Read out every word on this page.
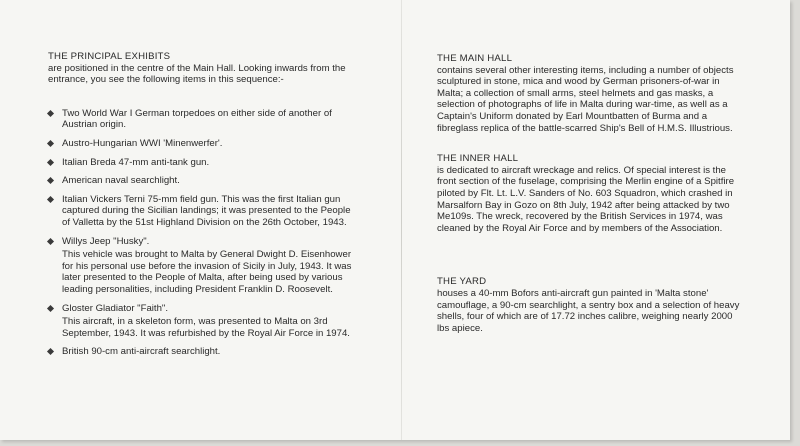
THE PRINCIPAL EXHIBITS

are positioned in the centre of the Main Hall. Looking inwards from the entrance, you see the following items in this sequence:-

Two World War I German torpedoes on either side of another of Austrian origin.
Austro-Hungarian WWI 'Minenwerfer'.
Italian Breda 47-mm anti-tank gun.
American naval searchlight.
Italian Vickers Terni 75-mm field gun. This was the first Italian gun captured during the Sicilian landings; it was presented to the People of Valletta by the 51st Highland Division on the 26th October, 1943.
Willys Jeep "Husky".
This vehicle was brought to Malta by General Dwight D. Eisenhower for his personal use before the invasion of Sicily in July, 1943. It was later presented to the People of Malta, after being used by various leading personalities, including President Franklin D. Roosevelt.
Gloster Gladiator "Faith".
This aircraft, in a skeleton form, was presented to Malta on 3rd September, 1943. It was refurbished by the Royal Air Force in 1974.
British 90-cm anti-aircraft searchlight.
THE MAIN HALL

contains several other interesting items, including a number of objects sculptured in stone, mica and wood by German prisoners-of-war in Malta; a collection of small arms, steel helmets and gas masks, a selection of photographs of life in Malta during war-time, as well as a Captain's Uniform donated by Earl Mountbatten of Burma and a fibreglass replica of the battle-scarred Ship's Bell of H.M.S. Illustrious.

THE INNER HALL

is dedicated to aircraft wreckage and relics. Of special interest is the front section of the fuselage, comprising the Merlin engine of a Spitfire piloted by Flt. Lt. L.V. Sanders of No. 603 Squadron, which crashed in Marsalforn Bay in Gozo on 8th July, 1942 after being attacked by two Me109s. The wreck, recovered by the British Services in 1974, was cleaned by the Royal Air Force and by members of the Association.

THE YARD

houses a 40-mm Bofors anti-aircraft gun painted in 'Malta stone' camouflage, a 90-cm searchlight, a sentry box and a selection of heavy shells, four of which are of 17.72 inches calibre, weighing nearly 2000 lbs apiece.
